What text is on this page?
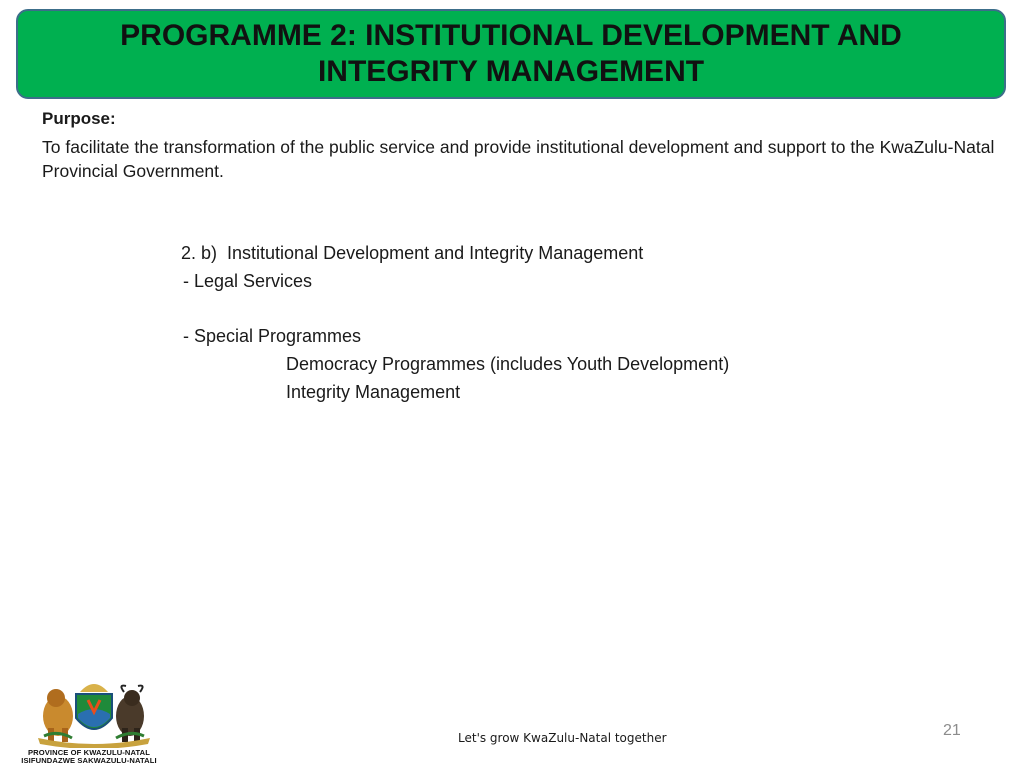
PROGRAMME 2: INSTITUTIONAL DEVELOPMENT AND INTEGRITY MANAGEMENT
Purpose:
To facilitate the transformation of the public service and provide institutional development and support to the KwaZulu-Natal Provincial Government.
2. b)  Institutional Development and Integrity Management
- Legal Services
- Special Programmes
Democracy Programmes (includes Youth Development)
Integrity Management
PROVINCE OF KWAZULU-NATAL
ISIFUNDAZWE SAKWAZULU-NATALI
Let's grow KwaZulu-Natal together	21
